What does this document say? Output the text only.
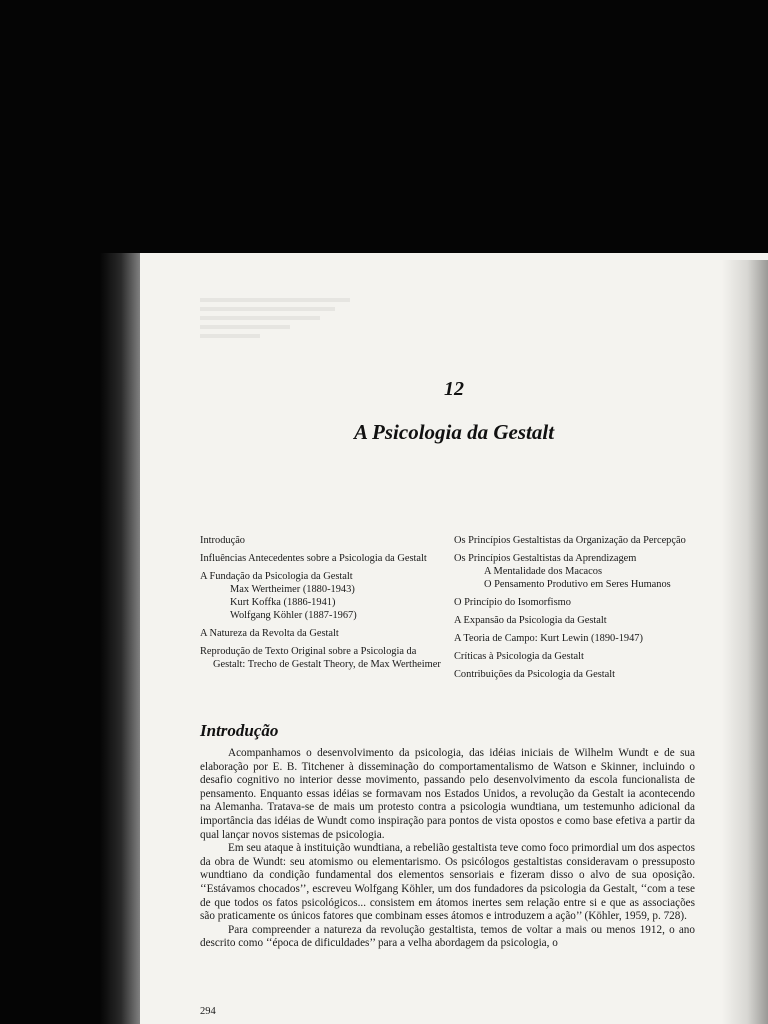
12
A Psicologia da Gestalt
Introdução
Influências Antecedentes sobre a Psicologia da Gestalt
A Fundação da Psicologia da Gestalt
Max Wertheimer (1880-1943)
Kurt Koffka (1886-1941)
Wolfgang Köhler (1887-1967)
A Natureza da Revolta da Gestalt
Reprodução de Texto Original sobre a Psicologia da Gestalt: Trecho de Gestalt Theory, de Max Wertheimer
Os Princípios Gestaltistas da Organização da Percepção
Os Princípios Gestaltistas da Aprendizagem
A Mentalidade dos Macacos
O Pensamento Produtivo em Seres Humanos
O Princípio do Isomorfismo
A Expansão da Psicologia da Gestalt
A Teoria de Campo: Kurt Lewin (1890-1947)
Críticas à Psicologia da Gestalt
Contribuições da Psicologia da Gestalt
Introdução

Acompanhamos o desenvolvimento da psicologia, das idéias iniciais de Wilhelm Wundt e de sua elaboração por E. B. Titchener à disseminação do comportamentalismo de Watson e Skinner, incluindo o desafio cognitivo no interior desse movimento, passando pelo desenvolvimento da escola funcionalista de pensamento. Enquanto essas idéias se formavam nos Estados Unidos, a revolução da Gestalt ia acontecendo na Alemanha. Tratava-se de mais um protesto contra a psicologia wundtiana, um testemunho adicional da importância das idéias de Wundt como inspiração para pontos de vista opostos e como base efetiva a partir da qual lançar novos sistemas de psicologia.

Em seu ataque à instituição wundtiana, a rebelião gestaltista teve como foco primordial um dos aspectos da obra de Wundt: seu atomismo ou elementarismo. Os psicólogos gestaltistas consideravam o pressuposto wundtiano da condição fundamental dos elementos sensoriais e fizeram disso o alvo de sua oposição. ‘‘Estávamos chocados’’, escreveu Wolfgang Köhler, um dos fundadores da psicologia da Gestalt, ‘‘com a tese de que todos os fatos psicológicos... consistem em átomos inertes sem relação entre si e que as associações são praticamente os únicos fatores que combinam esses átomos e introduzem a ação’’ (Köhler, 1959, p. 728).

Para compreender a natureza da revolução gestaltista, temos de voltar a mais ou menos 1912, o ano descrito como ‘‘época de dificuldades’’ para a velha abordagem da psicologia, o

294
